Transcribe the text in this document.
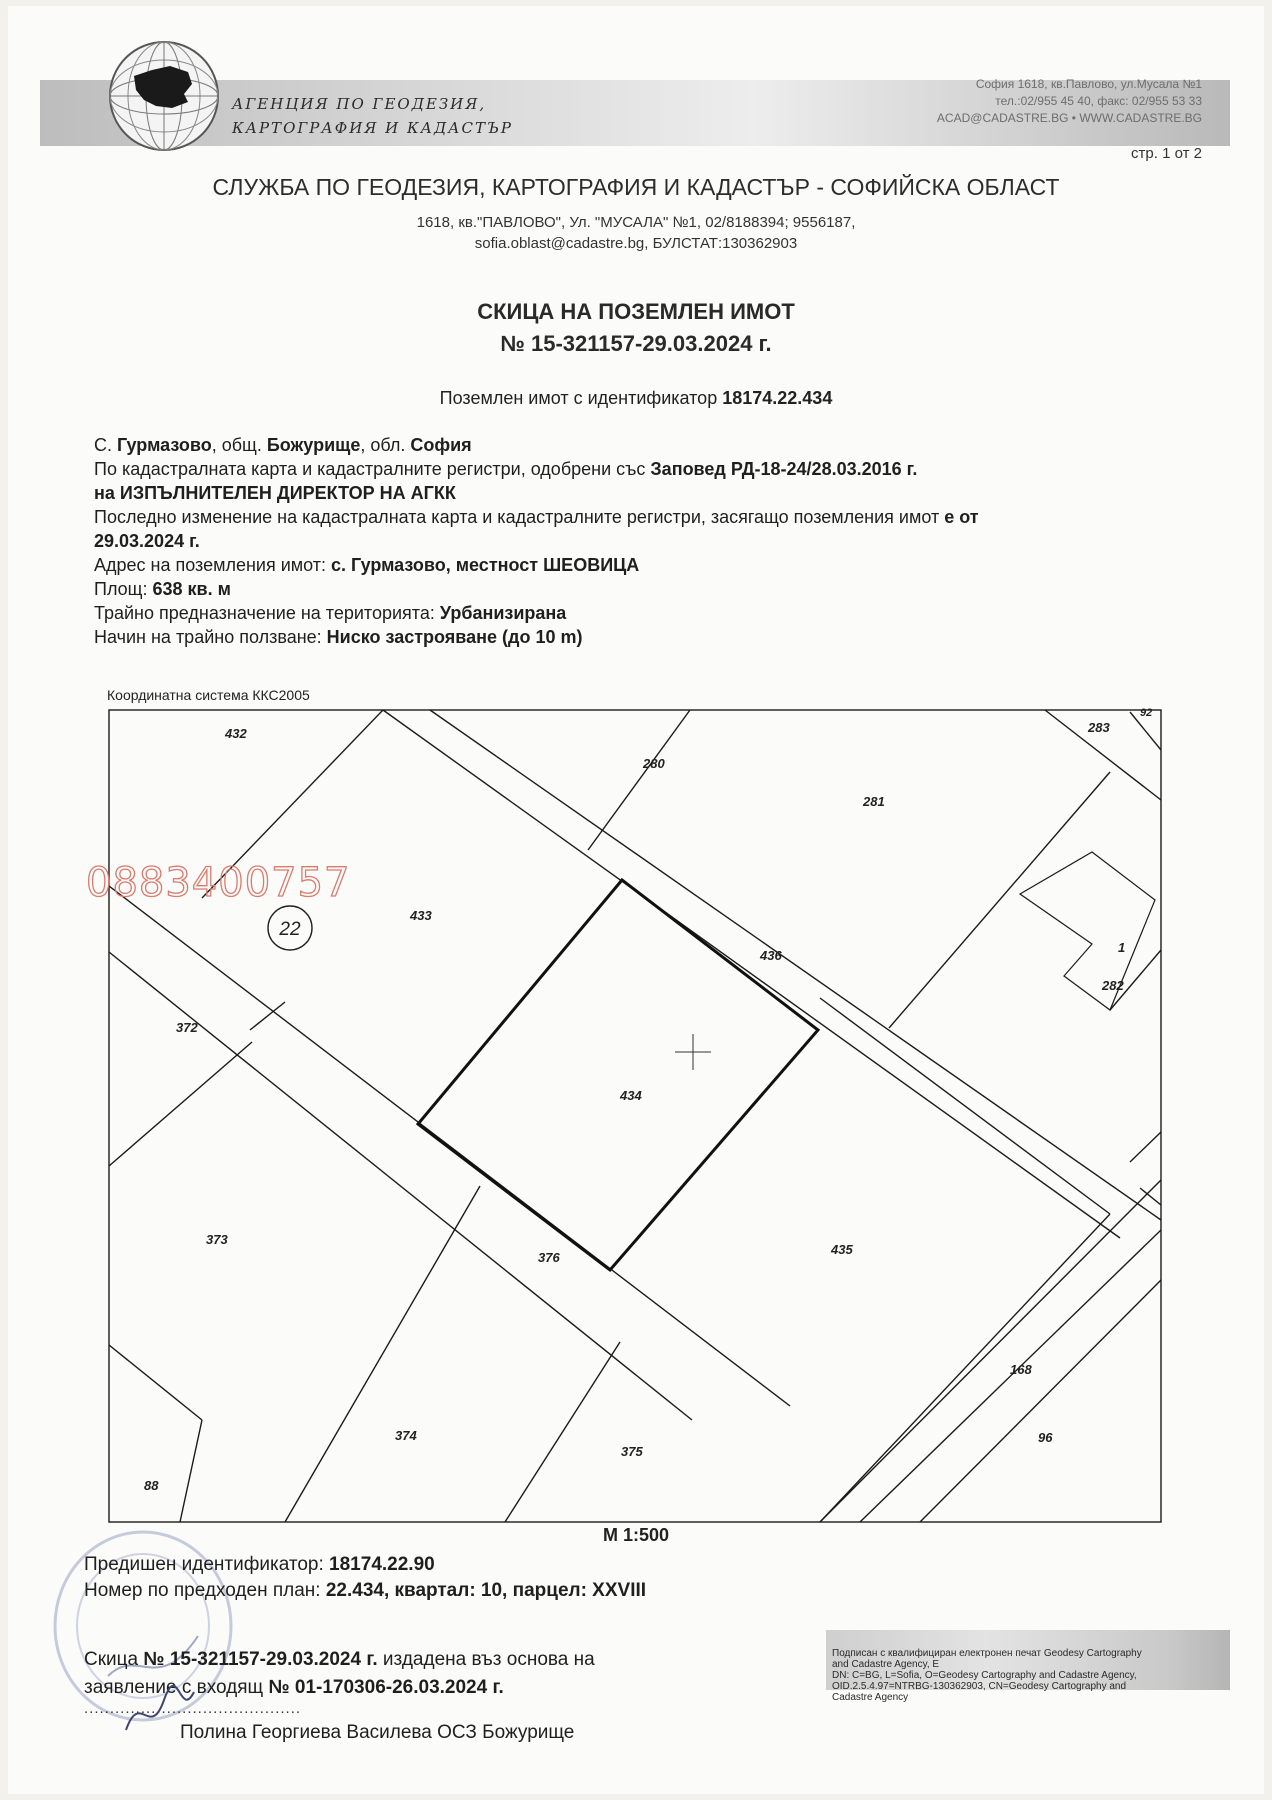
АГЕНЦИЯ ПО ГЕОДЕЗИЯ,
КАРТОГРАФИЯ И КАДАСТЪР
София 1618, кв.Павлово, ул.Мусала №1
тел.:02/955 45 40, факс: 02/955 53 33
ACAD@CADASTRE.BG • WWW.CADASTRE.BG
стр. 1 от 2
СЛУЖБА ПО ГЕОДЕЗИЯ, КАРТОГРАФИЯ И КАДАСТЪР - СОФИЙСКА ОБЛАСТ
1618, кв."ПАВЛОВО", Ул. "МУСАЛА" №1, 02/8188394; 9556187,
sofia.oblast@cadastre.bg, БУЛСТАТ:130362903
СКИЦА НА ПОЗЕМЛЕН ИМОТ
№ 15-321157-29.03.2024 г.
Поземлен имот с идентификатор 18174.22.434
С. Гурмазово, общ. Божурище, обл. София
По кадастралната карта и кадастралните регистри, одобрени със Заповед РД-18-24/28.03.2016 г.
на ИЗПЪЛНИТЕЛЕН ДИРЕКТОР НА АГКК
Последно изменение на кадастралната карта и кадастралните регистри, засягащо поземления имот е от
29.03.2024 г.
Адрес на поземления имот: с. Гурмазово, местност ШЕОВИЦА
Площ: 638 кв. м
Трайно предназначение на територията: Урбанизирана
Начин на трайно ползване: Ниско застрояване (до 10 m)
Координатна система ККС2005
22
432
280
283
92
281
433
436
1
282
372
434
373
376
435
168
374
375
96
88
0883400757
М 1:500
Предишен идентификатор: 18174.22.90
Номер по предходен план: 22.434, квартал: 10, парцел: XXVIII
Подписан с квалифициран електронен печат Geodesy Cartography
and Cadastre Agency, E
DN: C=BG, L=Sofia, O=Geodesy Cartography and Cadastre Agency,
OID.2.5.4.97=NTRBG-130362903, CN=Geodesy Cartography and
Cadastre Agency
Скица № 15-321157-29.03.2024 г. издадена въз основа на
заявление с входящ № 01-170306-26.03.2024 г.
..........................................
Полина Георгиева Василева ОСЗ Божурище
